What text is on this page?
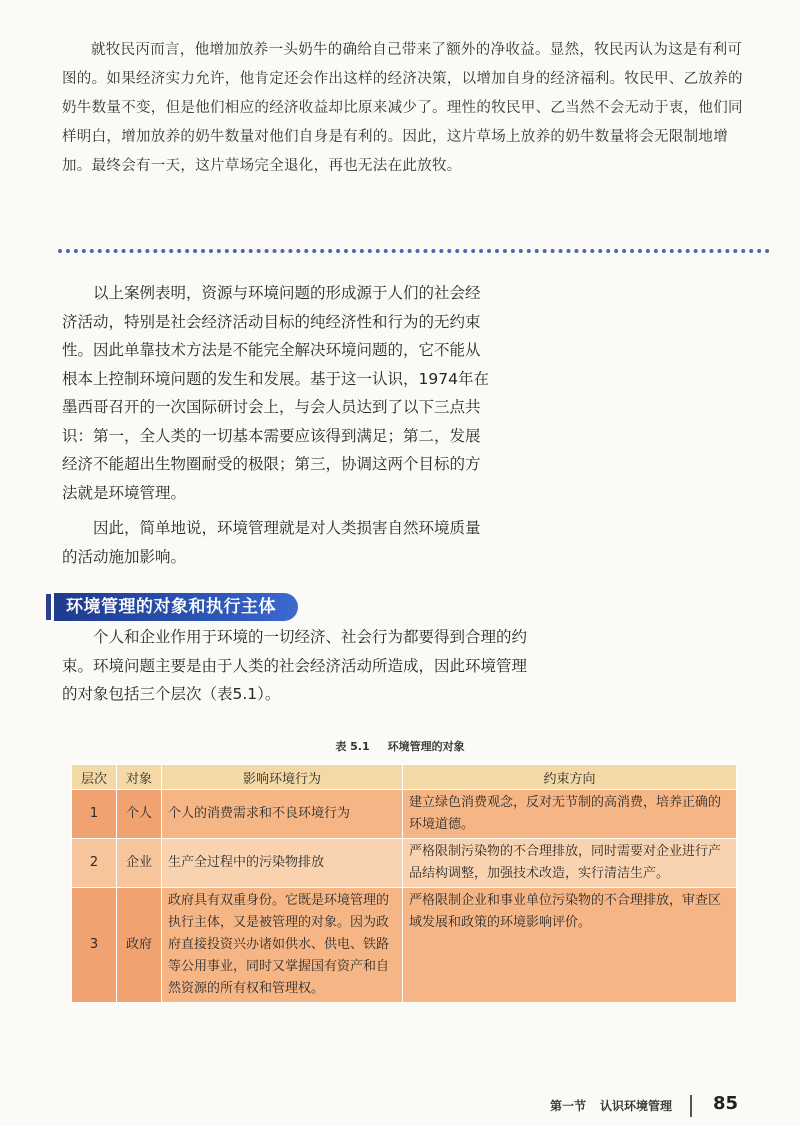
就牧民丙而言，他增加放养一头奶牛的确给自己带来了额外的净收益。显然，牧民丙认为这是有利可图的。如果经济实力允许，他肯定还会作出这样的经济决策，以增加自身的经济福利。牧民甲、乙放养的奶牛数量不变，但是他们相应的经济收益却比原来减少了。理性的牧民甲、乙当然不会无动于衷，他们同样明白，增加放养的奶牛数量对他们自身是有利的。因此，这片草场上放养的奶牛数量将会无限制地增加。最终会有一天，这片草场完全退化，再也无法在此放牧。

以上案例表明，资源与环境问题的形成源于人们的社会经济活动，特别是社会经济活动目标的纯经济性和行为的无约束性。因此单靠技术方法是不能完全解决环境问题的，它不能从根本上控制环境问题的发生和发展。基于这一认识，1974年在墨西哥召开的一次国际研讨会上，与会人员达到了以下三点共识：第一，全人类的一切基本需要应该得到满足；第二，发展经济不能超出生物圈耐受的极限；第三，协调这两个目标的方法就是环境管理。

因此，简单地说，环境管理就是对人类损害自然环境质量的活动施加影响。

环境管理的对象和执行主体

个人和企业作用于环境的一切经济、社会行为都要得到合理的约束。环境问题主要是由于人类的社会经济活动所造成，因此环境管理的对象包括三个层次（表5.1）。

表 5.1 环境管理的对象
层次	对象	影响环境行为	约束方向
1	个人	个人的消费需求和不良环境行为	建立绿色消费观念，反对无节制的高消费，培养正确的环境道德。
2	企业	生产全过程中的污染物排放	严格限制污染物的不合理排放，同时需要对企业进行产品结构调整，加强技术改造，实行清洁生产。
3	政府	政府具有双重身份。它既是环境管理的执行主体，又是被管理的对象。因为政府直接投资兴办诸如供水、供电、铁路等公用事业，同时又掌握国有资产和自然资源的所有权和管理权。	严格限制企业和事业单位污染物的不合理排放，审查区域发展和政策的环境影响评价。
第一节 认识环境管理 85
